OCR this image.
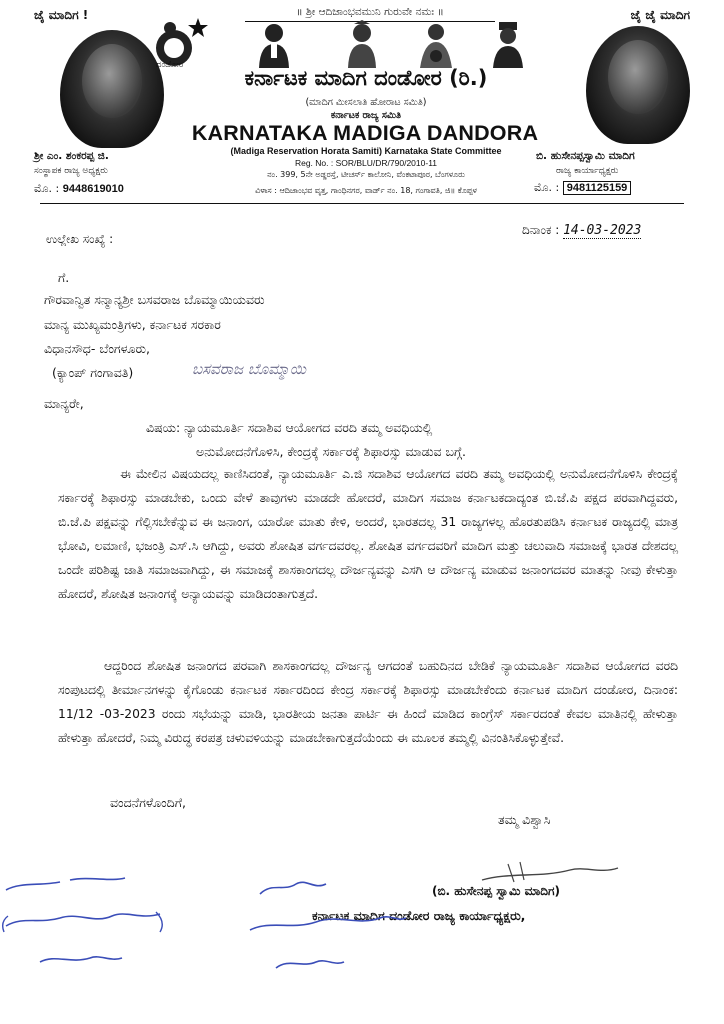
ಜೈ ಮಾದಿಗ !	ಜೈ ಜೈ ಮಾದಿಗ
॥ ಶ್ರೀ ಆದಿಜಾಂಭವಮುನಿ ಗುರುವೇ ನಮಃ ॥
ದಂಡೋರ
ಕರ್ನಾಟಕ ಮಾದಿಗ ದಂಡೋರ (ರಿ.)
(ಮಾದಿಗ ಮೀಸಲಾತಿ ಹೋರಾಟ ಸಮಿತಿ)
ಕರ್ನಾಟಕ ರಾಜ್ಯ ಸಮಿತಿ
KARNATAKA MADIGA DANDORA
(Madiga Reservation Horata Samiti) Karnataka State Committee
Reg. No. : SOR/BLU/DR/790/2010-11
ನಂ. 399, 5ನೇ ಅಡ್ಡರಸ್ತೆ, ಟೀಚರ್ಸ್ ಕಾಲೋನಿ, ವೆಂಕಟಾಪೂರ, ಬೆಂಗಳೂರು
ವಿಳಾಸ : ಆದಿಜಾಂಭವ ವೃತ್ತ, ಗಾಂಧಿನಗರ, ವಾರ್ಡ್ ನಂ. 18, ಗಂಗಾವತಿ, ಜಿ॥ ಕೊಪ್ಪಳ
ಶ್ರೀ ಎಂ. ಶಂಕರಪ್ಪ ಜಿ.
ಸಂಸ್ಥಾಪಕ ರಾಜ್ಯ ಅಧ್ಯಕ್ಷರು
ಮೊ. : 9448619010
ಬಿ. ಹುಸೇನಪ್ಪಸ್ವಾಮಿ ಮಾದಿಗ
ರಾಜ್ಯ ಕಾರ್ಯಾಧ್ಯಕ್ಷರು
ಮೊ. : 9481125159
ಉಲ್ಲೇಖ ಸಂಖ್ಯೆ :
ದಿನಾಂಕ : 14-03-2023
ಗೆ.
ಗೌರವಾನ್ವಿತ ಸನ್ಮಾನ್ಯಶ್ರೀ ಬಸವರಾಜ ಬೊಮ್ಮಾಯಿಯವರು
ಮಾನ್ಯ ಮುಖ್ಯಮಂತ್ರಿಗಳು, ಕರ್ನಾಟಕ ಸರಕಾರ
ವಿಧಾನಸೌಧ- ಬೆಂಗಳೂರು,
(ಕ್ಯಾಂಪ್ ಗಂಗಾವತಿ)	ಬಸವರಾಜ ಬೊಮ್ಮಾಯಿ
ಮಾನ್ಯರೇ,
ವಿಷಯ: ನ್ಯಾಯಮೂರ್ತಿ ಸದಾಶಿವ ಆಯೋಗದ ವರದಿ ತಮ್ಮ ಅವಧಿಯಲ್ಲಿ
ಅನುಮೋದನೆಗೊಳಿಸಿ, ಕೇಂದ್ರಕ್ಕೆ ಸರ್ಕಾರಕ್ಕೆ ಶಿಫಾರಸ್ಸು ಮಾಡುವ ಬಗ್ಗೆ.
ಈ ಮೇಲಿನ ವಿಷಯದಲ್ಲ ಕಾಣಿಸಿದಂತೆ, ನ್ಯಾಯಮೂರ್ತಿ ಎ.ಜಿ ಸದಾಶಿವ ಆಯೋಗದ ವರದಿ ತಮ್ಮ ಅವಧಿಯಲ್ಲಿ ಅನುಮೋದನೆಗೊಳಿಸಿ ಕೇಂದ್ರಕ್ಕೆ ಸರ್ಕಾರಕ್ಕೆ ಶಿಫಾರಸ್ಸು ಮಾಡಬೇಕು, ಒಂದು ವೇಳೆ ತಾವುಗಳು ಮಾಡದೇ ಹೋದರೆ, ಮಾದಿಗ ಸಮಾಜ ಕರ್ನಾಟಕದಾದ್ಯಂತ ಬಿ.ಜೆ.ಪಿ ಪಕ್ಷದ ಪರವಾಗಿದ್ದವರು, ಬಿ.ಜೆ.ಪಿ ಪಕ್ಷವನ್ನು ಗೆಲ್ಲಿಸಬೇಕೆನ್ನುವ ಈ ಜನಾಂಗ, ಯಾರೋ ಮಾತು ಕೇಳಿ, ಅಂದರೆ, ಭಾರತದಲ್ಲ 31 ರಾಜ್ಯಗಳಲ್ಲ ಹೊರತುಪಡಿಸಿ ಕರ್ನಾಟಕ ರಾಜ್ಯದಲ್ಲಿ ಮಾತ್ರ ಭೋವಿ, ಲಮಾಣಿ, ಭಜಂತ್ರಿ ಎಸ್.ಸಿ ಆಗಿದ್ದು, ಅವರು ಶೋಷಿತ ವರ್ಗದವರಲ್ಲ. ಶೋಷಿತ ವರ್ಗದವರಿಗೆ ಮಾದಿಗ ಮತ್ತು ಚಲುವಾದಿ ಸಮಾಜಕ್ಕೆ ಭಾರತ ದೇಶದಲ್ಲ ಒಂದೇ ಪರಿಶಿಷ್ಟ ಜಾತಿ ಸಮಾಜವಾಗಿದ್ದು, ಈ ಸಮಾಜಕ್ಕೆ ಶಾಸಕಾಂಗದಲ್ಲ ದೌರ್ಜನ್ಯವನ್ನು ಎಸಗಿ ಆ ದೌರ್ಜನ್ಯ ಮಾಡುವ ಜನಾಂಗದವರ ಮಾತನ್ನು ನೀವು ಕೇಳುತ್ತಾ ಹೋದರೆ, ಶೋಷಿತ ಜನಾಂಗಕ್ಕೆ ಅನ್ಯಾಯವನ್ನು ಮಾಡಿದಂತಾಗುತ್ತದೆ.
ಆದ್ದರಿಂದ ಶೋಷಿತ ಜನಾಂಗದ ಪರವಾಗಿ ಶಾಸಕಾಂಗದಲ್ಲ ದೌರ್ಜನ್ಯ ಆಗದಂತೆ ಬಹುದಿನದ ಬೇಡಿಕೆ ನ್ಯಾಯಮೂರ್ತಿ ಸದಾಶಿವ ಆಯೋಗದ ವರದಿ ಸಂಪುಟದಲ್ಲಿ ತೀರ್ಮಾನಗಳನ್ನು ಕೈಗೊಂಡು ಕರ್ನಾಟಕ ಸರ್ಕಾರದಿಂದ ಕೇಂದ್ರ ಸರ್ಕಾರಕ್ಕೆ ಶಿಫಾರಸ್ಸು ಮಾಡಬೇಕೆಂದು ಕರ್ನಾಟಕ ಮಾದಿಗ ದಂಡೋರ, ದಿನಾಂಕ: 11/12 -03-2023 ರಂದು ಸಭೆಯನ್ನು ಮಾಡಿ, ಭಾರತೀಯ ಜನತಾ ಪಾರ್ಟಿ ಈ ಹಿಂದೆ ಮಾಡಿದ ಕಾಂಗ್ರೆಸ್ ಸರ್ಕಾರದಂತೆ ಕೇವಲ ಮಾತಿನಲ್ಲಿ ಹೇಳುತ್ತಾ ಹೇಳುತ್ತಾ ಹೋದರೆ, ನಿಮ್ಮ ವಿರುದ್ಧ ಕರಪತ್ರ ಚಳುವಳಿಯನ್ನು ಮಾಡಬೇಕಾಗುತ್ತದೆಯೆಂದು ಈ ಮೂಲಕ ತಮ್ಮಲ್ಲಿ ವಿನಂತಿಸಿಕೊಳ್ಳುತ್ತೇವೆ.
ವಂದನೆಗಳೊಂದಿಗೆ,
ತಮ್ಮ ವಿಶ್ವಾಸಿ
(ಬಿ. ಹುಸೇನಪ್ಪ ಸ್ವಾಮಿ ಮಾದಿಗ)
ಕರ್ನಾಟಕ ಮಾದಿಗ ದಂಡೋರ ರಾಜ್ಯ ಕಾರ್ಯಾಧ್ಯಕ್ಷರು,
